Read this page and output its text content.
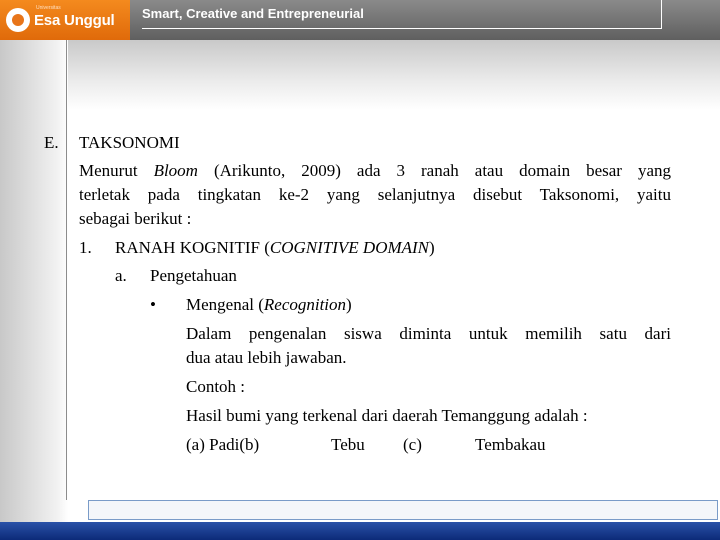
Universitas
Esa Unggul Smart, Creative and Entrepreneurial
E. TAKSONOMI
Menurut Bloom (Arikunto, 2009) ada 3 ranah atau domain besar yang
terletak pada tingkatan ke-2 yang selanjutnya disebut Taksonomi, yaitu
sebagai berikut :
1. RANAH KOGNITIF (COGNITIVE DOMAIN)
a. Pengetahuan
• Mengenal (Recognition)
Dalam pengenalan siswa diminta untuk memilih satu dari
dua atau lebih jawaban.
Contoh :
Hasil bumi yang terkenal dari daerah Temanggung adalah :
(a) Padi(b)	Tebu (c)	Tembakau
